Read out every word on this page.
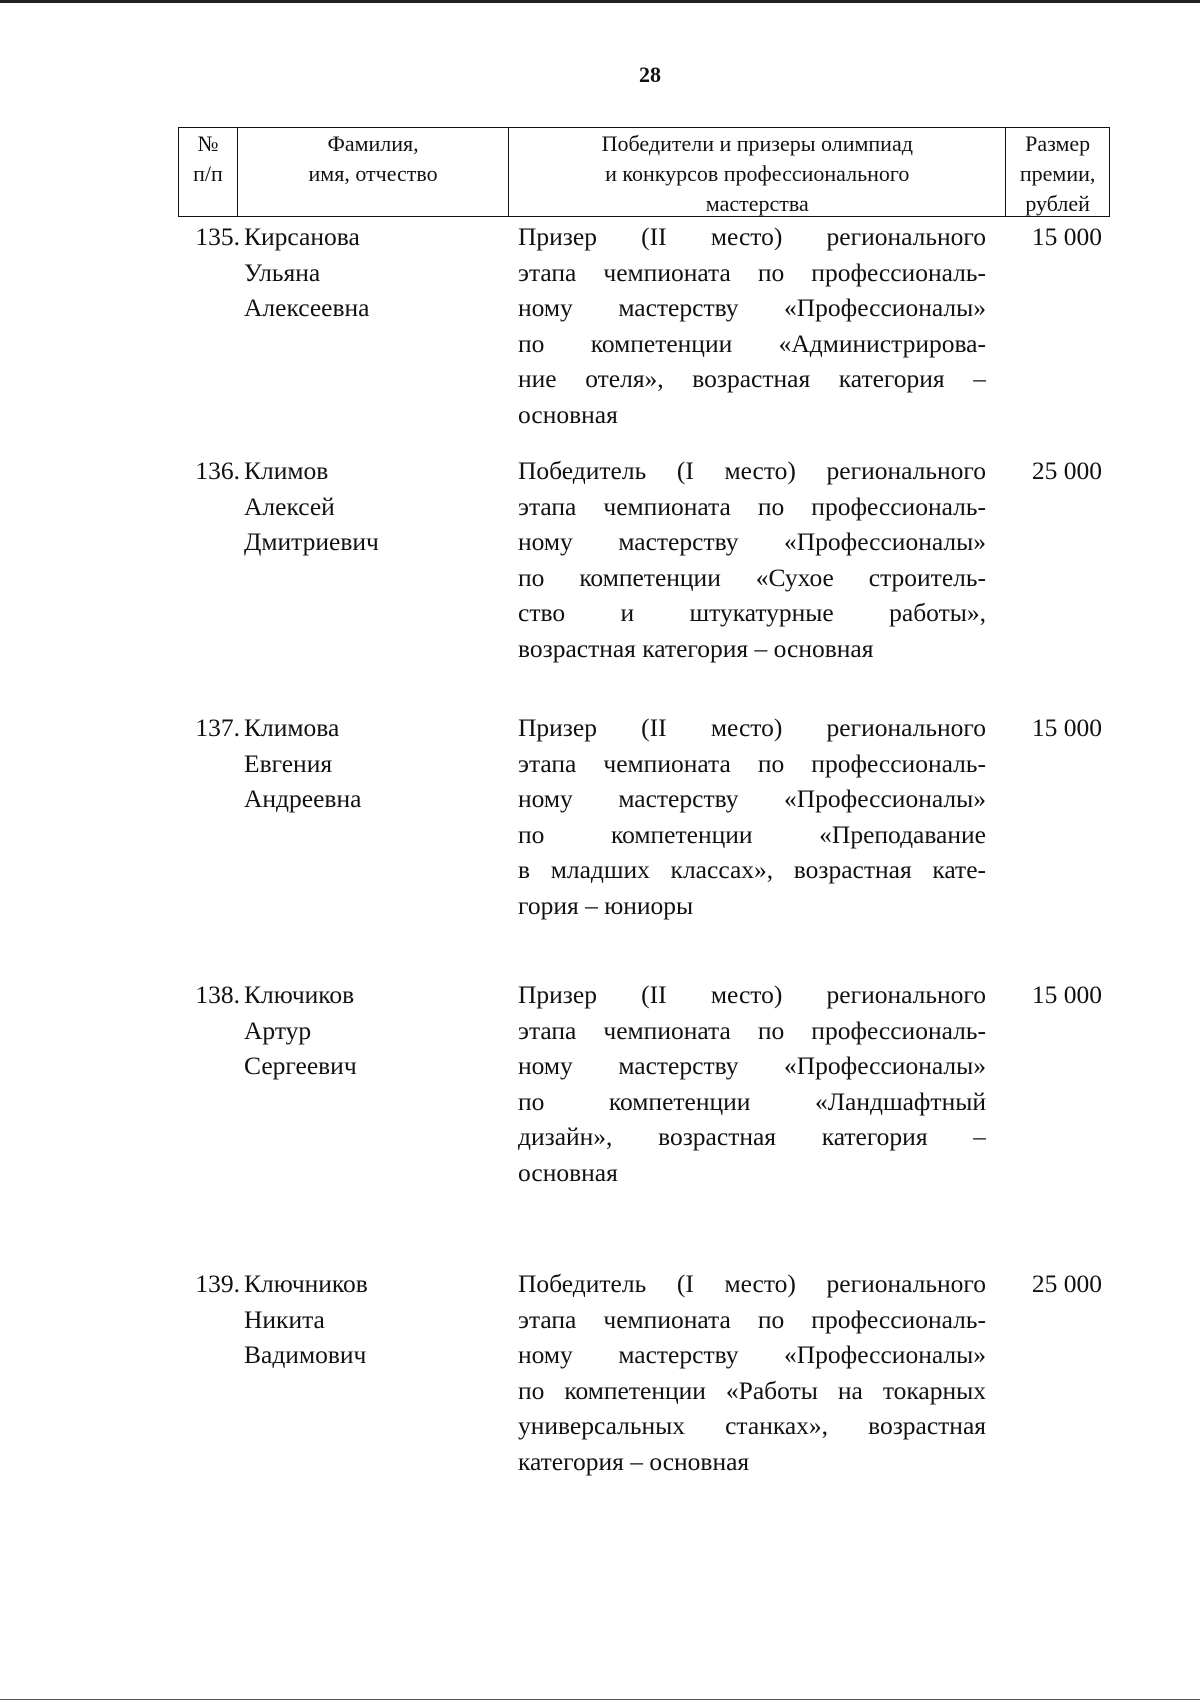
28
№
п/п
Фамилия,
имя, отчество
Победители и призеры олимпиад
и конкурсов профессионального
мастерства
Размер
премии,
рублей
135. Кирсанова
Ульяна
Алексеевна
Призер (II место) регионального
этапа чемпионата по профессиональ-
ному мастерству «Профессионалы»
по компетенции «Администрирова-
ние отеля», возрастная категория –
основная
15 000
136. Климов
Алексей
Дмитриевич
Победитель (I место) регионального
этапа чемпионата по профессиональ-
ному мастерству «Профессионалы»
по компетенции «Сухое строитель-
ство и штукатурные работы»,
возрастная категория – основная
25 000
137. Климова
Евгения
Андреевна
Призер (II место) регионального
этапа чемпионата по профессиональ-
ному мастерству «Профессионалы»
по компетенции «Преподавание
в младших классах», возрастная кате-
гория – юниоры
15 000
138. Ключиков
Артур
Сергеевич
Призер (II место) регионального
этапа чемпионата по профессиональ-
ному мастерству «Профессионалы»
по компетенции «Ландшафтный
дизайн», возрастная категория –
основная
15 000
139. Ключников
Никита
Вадимович
Победитель (I место) регионального
этапа чемпионата по профессиональ-
ному мастерству «Профессионалы»
по компетенции «Работы на токарных
универсальных станках», возрастная
категория – основная
25 000
